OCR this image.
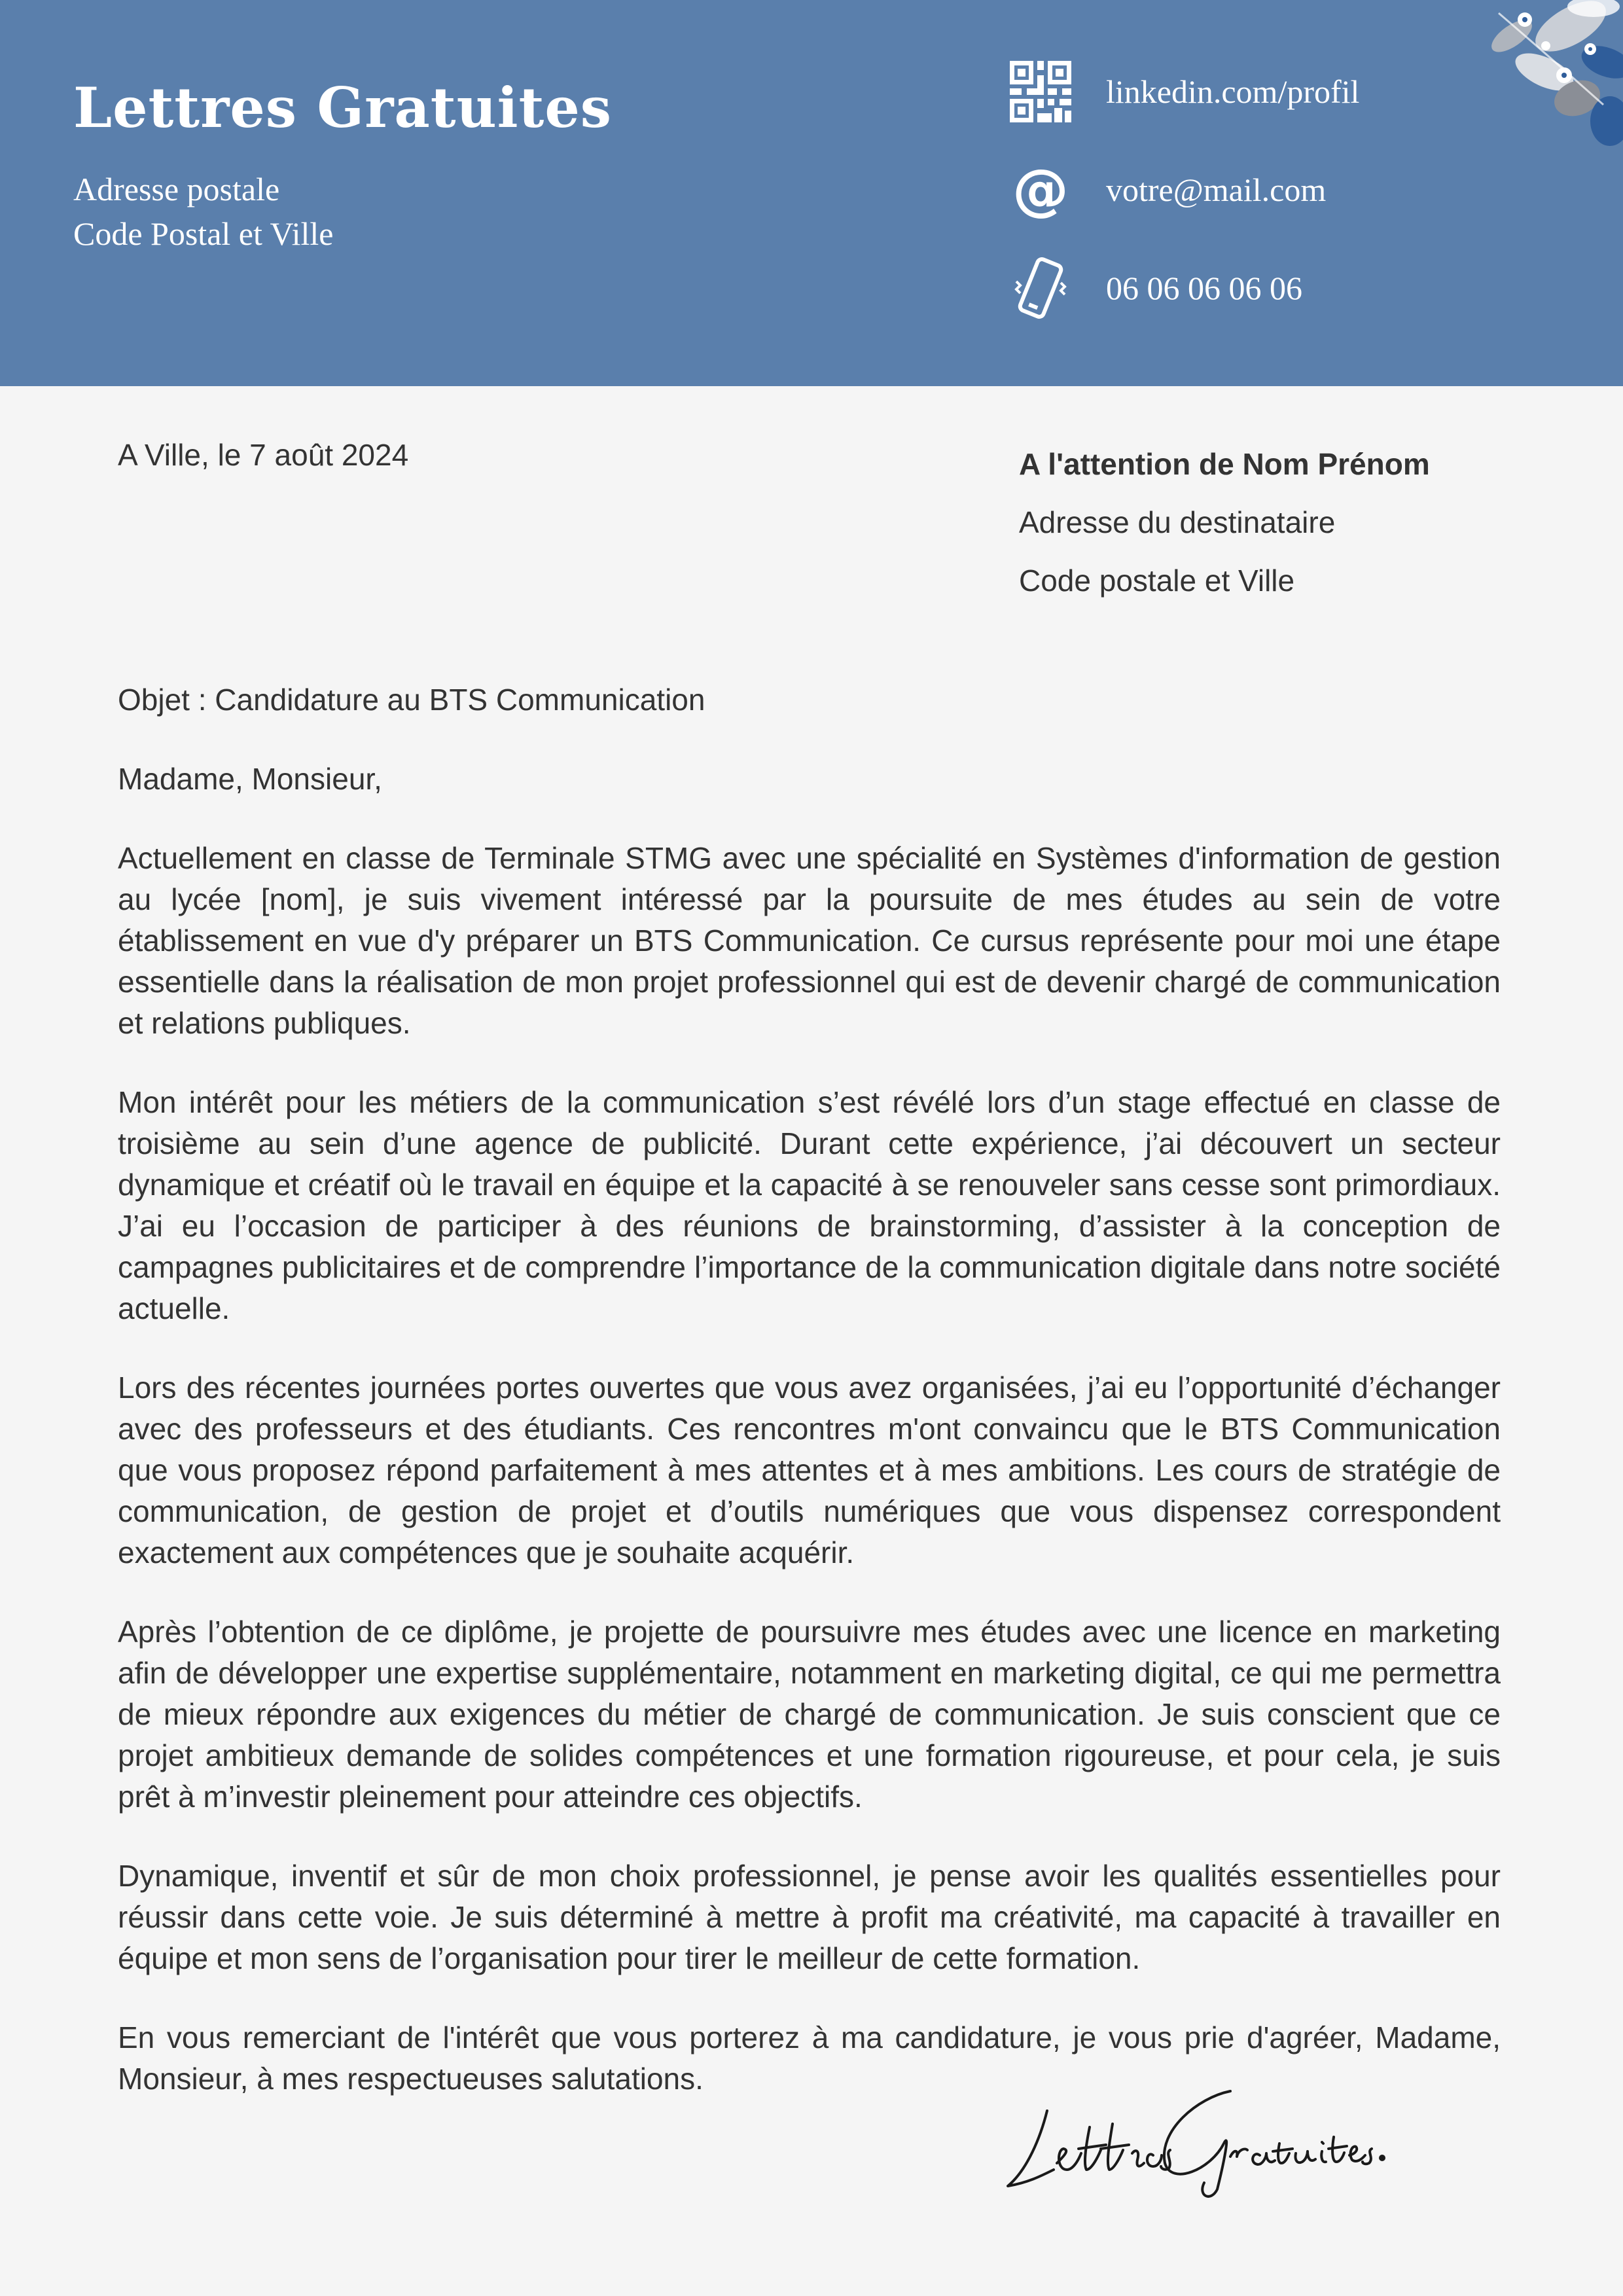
Lettres Gratuites
Adresse postale
Code Postal et Ville
linkedin.com/profil
@ votre@mail.com
06 06 06 06 06
A Ville, le 7 août 2024	A l'attention de Nom Prénom
Adresse du destinataire
Code postale et Ville

Objet : Candidature au BTS Communication

Madame, Monsieur,

Actuellement en classe de Terminale STMG avec une spécialité en Systèmes d'information de gestion au lycée [nom], je suis vivement intéressé par la poursuite de mes études au sein de votre établissement en vue d'y préparer un BTS Communication. Ce cursus représente pour moi une étape essentielle dans la réalisation de mon projet professionnel qui est de devenir chargé de communication et relations publiques.

Mon intérêt pour les métiers de la communication s’est révélé lors d’un stage effectué en classe de troisième au sein d’une agence de publicité. Durant cette expérience, j’ai découvert un secteur dynamique et créatif où le travail en équipe et la capacité à se renouveler sans cesse sont primordiaux. J’ai eu l’occasion de participer à des réunions de brainstorming, d’assister à la conception de campagnes publicitaires et de comprendre l’importance de la communication digitale dans notre société actuelle.

Lors des récentes journées portes ouvertes que vous avez organisées, j’ai eu l’opportunité d’échanger avec des professeurs et des étudiants. Ces rencontres m'ont convaincu que le BTS Communication que vous proposez répond parfaitement à mes attentes et à mes ambitions. Les cours de stratégie de communication, de gestion de projet et d’outils numériques que vous dispensez correspondent exactement aux compétences que je souhaite acquérir.

Après l’obtention de ce diplôme, je projette de poursuivre mes études avec une licence en marketing afin de développer une expertise supplémentaire, notamment en marketing digital, ce qui me permettra de mieux répondre aux exigences du métier de chargé de communication. Je suis conscient que ce projet ambitieux demande de solides compétences et une formation rigoureuse, et pour cela, je suis prêt à m’investir pleinement pour atteindre ces objectifs.

Dynamique, inventif et sûr de mon choix professionnel, je pense avoir les qualités essentielles pour réussir dans cette voie. Je suis déterminé à mettre à profit ma créativité, ma capacité à travailler en équipe et mon sens de l’organisation pour tirer le meilleur de cette formation.

En vous remerciant de l'intérêt que vous porterez à ma candidature, je vous prie d'agréer, Madame, Monsieur, à mes respectueuses salutations.
